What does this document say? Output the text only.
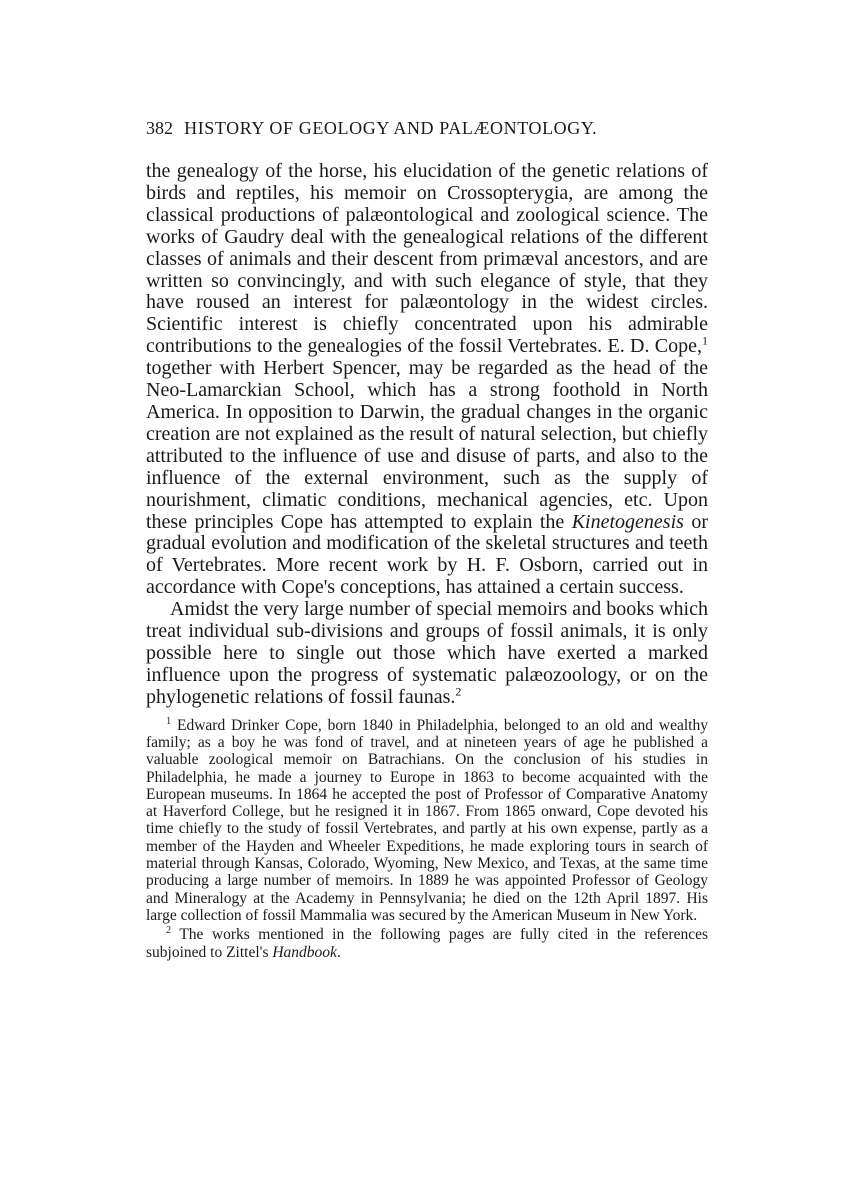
382 HISTORY OF GEOLOGY AND PALÆONTOLOGY.

the genealogy of the horse, his elucidation of the genetic relations of birds and reptiles, his memoir on Crossopterygia, are among the classical productions of palæontological and zoological science. The works of Gaudry deal with the genealogical relations of the different classes of animals and their descent from primæval ancestors, and are written so convincingly, and with such elegance of style, that they have roused an interest for palæontology in the widest circles. Scientific interest is chiefly concentrated upon his admirable contributions to the genealogies of the fossil Vertebrates. E. D. Cope,$^1$ together with Herbert Spencer, may be regarded as the head of the Neo-Lamarckian School, which has a strong foothold in North America. In opposition to Darwin, the gradual changes in the organic creation are not explained as the result of natural selection, but chiefly attributed to the influence of use and disuse of parts, and also to the influence of the external environment, such as the supply of nourishment, climatic conditions, mechanical agencies, etc. Upon these principles Cope has attempted to explain the Kinetogenesis or gradual evolution and modification of the skeletal structures and teeth of Vertebrates. More recent work by H. F. Osborn, carried out in accordance with Cope's conceptions, has attained a certain success.

Amidst the very large number of special memoirs and books which treat individual sub-divisions and groups of fossil animals, it is only possible here to single out those which have exerted a marked influence upon the progress of systematic palæozoology, or on the phylogenetic relations of fossil faunas.$^2$

$^1$ Edward Drinker Cope, born 1840 in Philadelphia, belonged to an old and wealthy family; as a boy he was fond of travel, and at nineteen years of age he published a valuable zoological memoir on Batrachians. On the conclusion of his studies in Philadelphia, he made a journey to Europe in 1863 to become acquainted with the European museums. In 1864 he accepted the post of Professor of Comparative Anatomy at Haverford College, but he resigned it in 1867. From 1865 onward, Cope devoted his time chiefly to the study of fossil Vertebrates, and partly at his own expense, partly as a member of the Hayden and Wheeler Expeditions, he made exploring tours in search of material through Kansas, Colorado, Wyoming, New Mexico, and Texas, at the same time producing a large number of memoirs. In 1889 he was appointed Professor of Geology and Mineralogy at the Academy in Pennsylvania; he died on the 12th April 1897. His large collection of fossil Mammalia was secured by the American Museum in New York.

$^2$ The works mentioned in the following pages are fully cited in the references subjoined to Zittel's Handbook.
